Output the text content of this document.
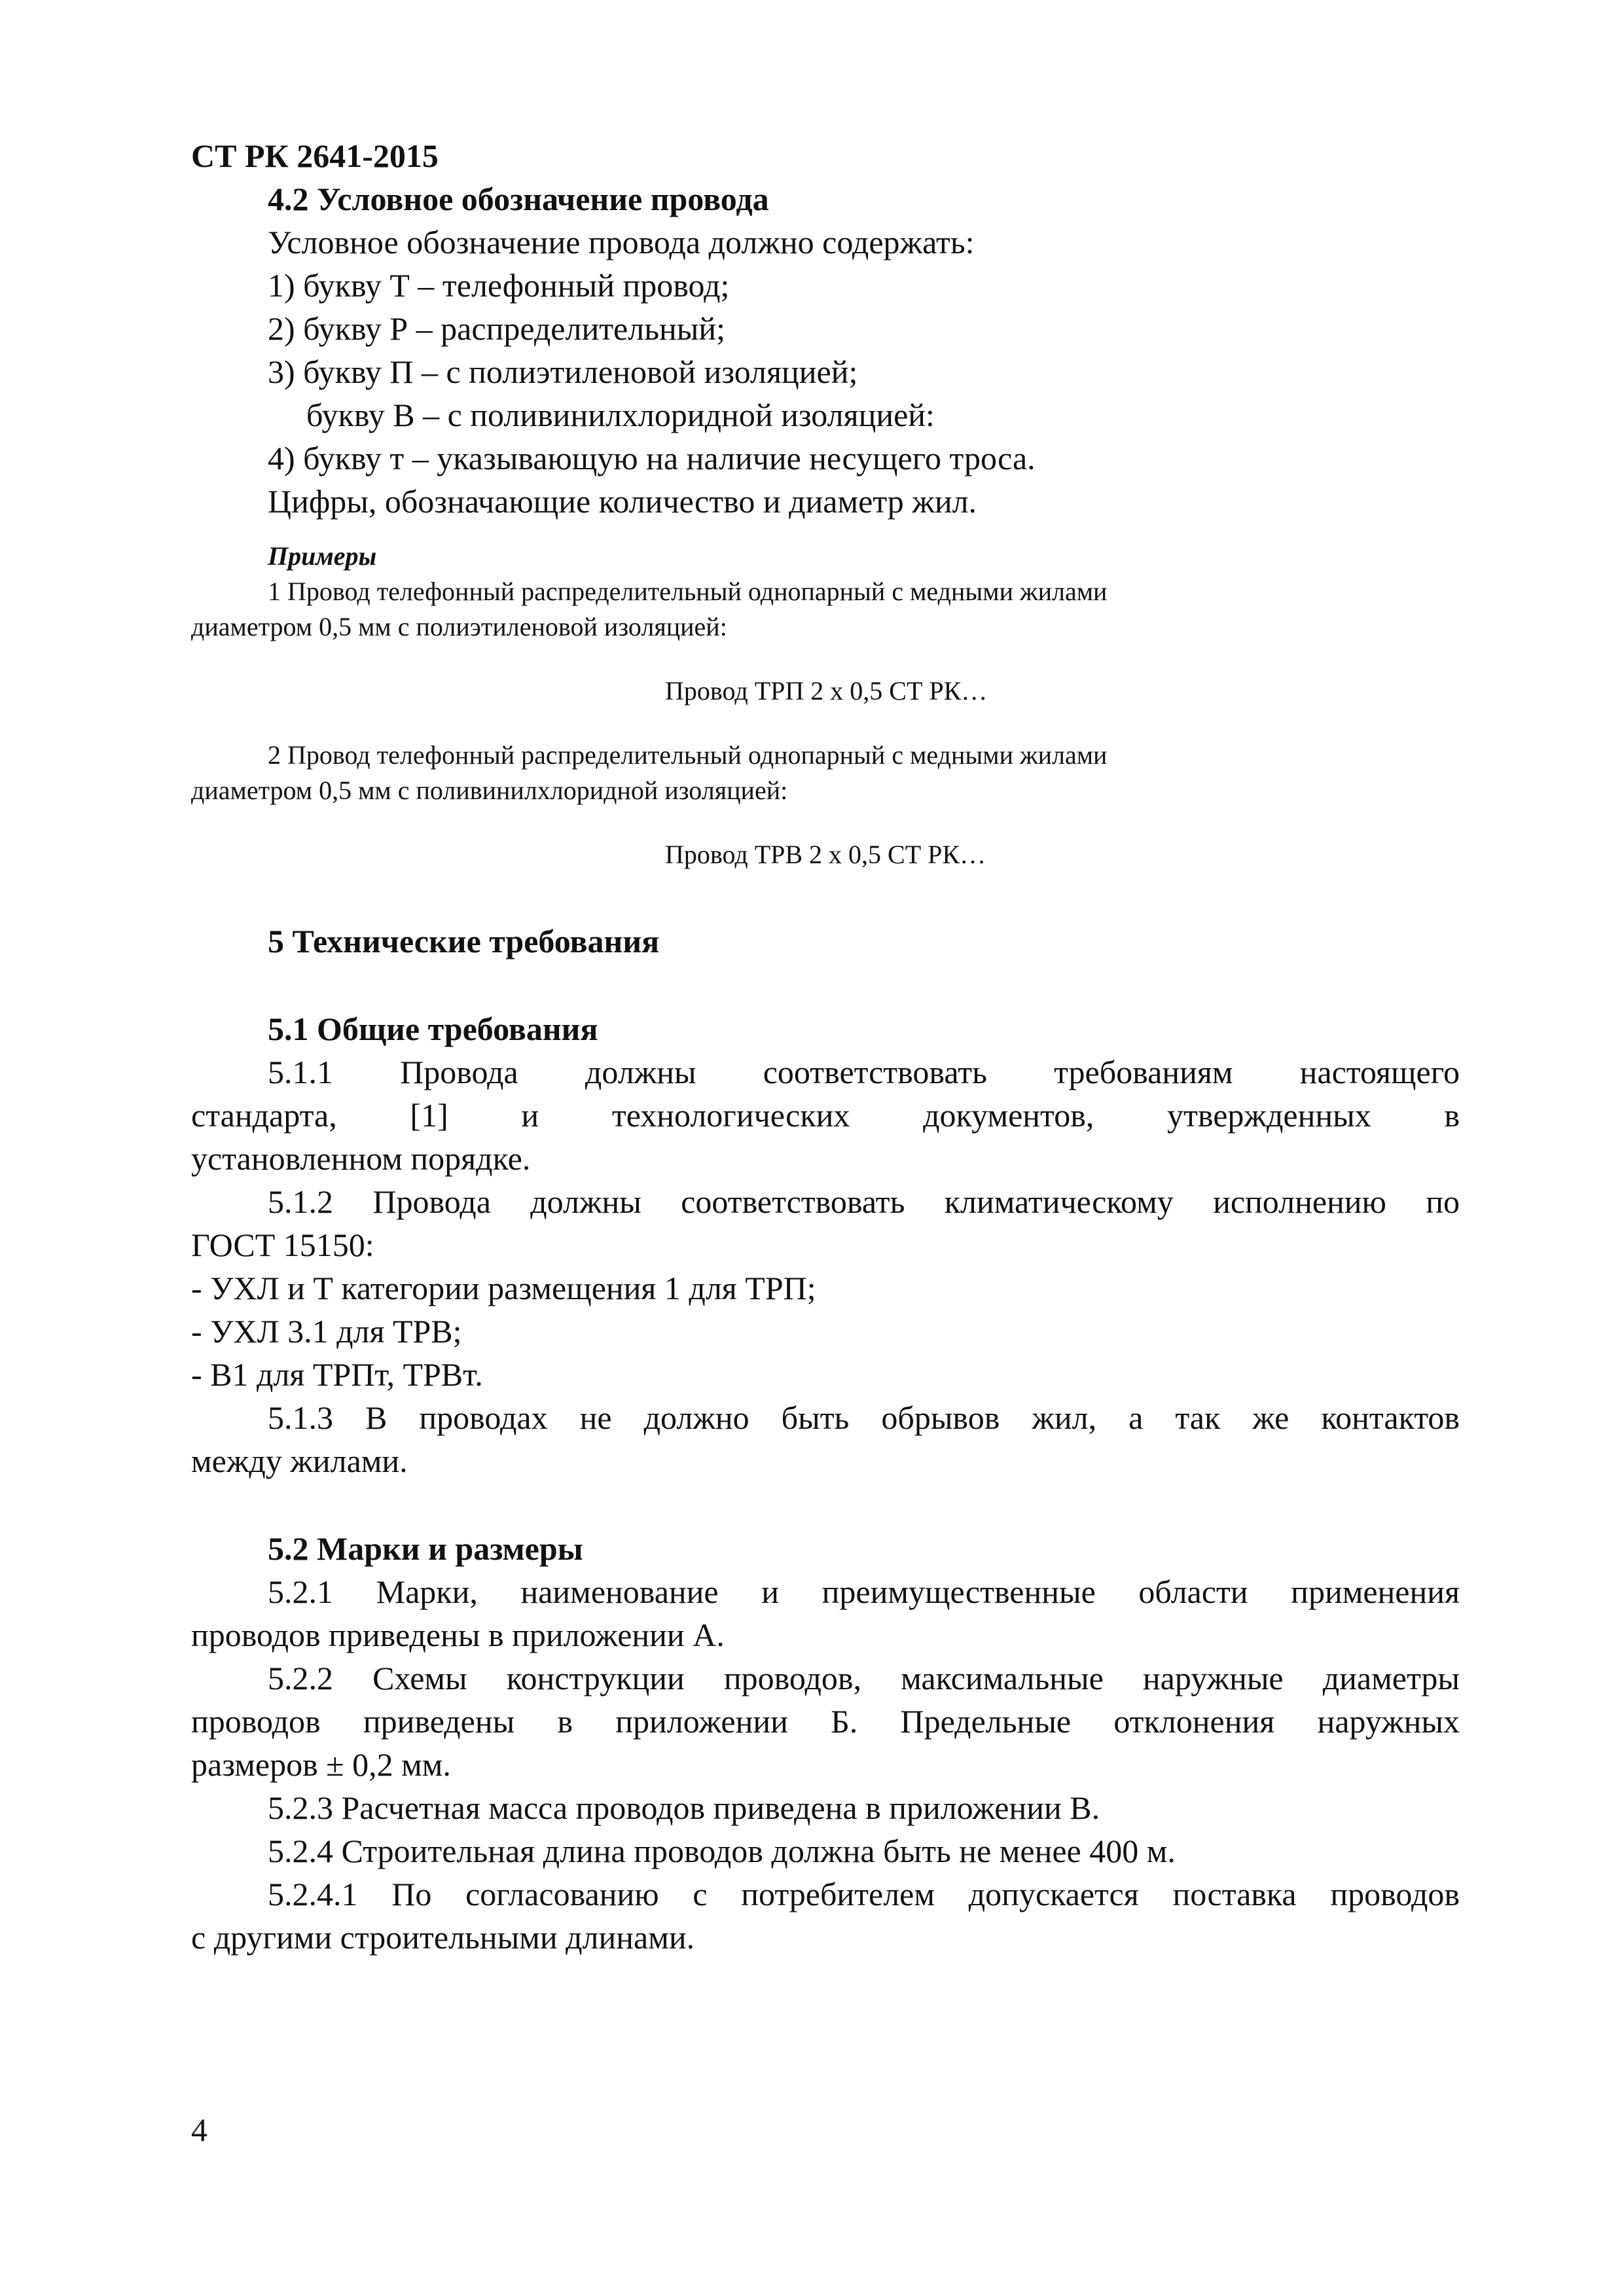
СТ РК 2641-2015

4.2 Условное обозначение провода

Условное обозначение провода должно содержать:

1) букву Т – телефонный провод;

2) букву Р – распределительный;

3) букву П – с полиэтиленовой изоляцией;

букву В – с поливинилхлоридной изоляцией:

4) букву т – указывающую на наличие несущего троса.

Цифры, обозначающие количество и диаметр жил.

Примеры

1 Провод телефонный распределительный однопарный с медными жилами

диаметром 0,5 мм с полиэтиленовой изоляцией:

Провод ТРП 2 х 0,5 СТ РК…

2 Провод телефонный распределительный однопарный с медными жилами

диаметром 0,5 мм с поливинилхлоридной изоляцией:

Провод ТРВ 2 х 0,5 СТ РК…

5 Технические требования

5.1 Общие требования

5.1.1 Провода должны соответствовать требованиям настоящего

стандарта, [1] и технологических документов, утвержденных в

установленном порядке.

5.1.2 Провода должны соответствовать климатическому исполнению по

ГОСТ 15150:

- УХЛ и Т категории размещения 1 для ТРП;

- УХЛ 3.1 для ТРВ;

- В1 для ТРПт, ТРВт.

5.1.3 В проводах не должно быть обрывов жил, а так же контактов

между жилами.

5.2 Марки и размеры

5.2.1 Марки, наименование и преимущественные области применения

проводов приведены в приложении А.

5.2.2 Схемы конструкции проводов, максимальные наружные диаметры

проводов приведены в приложении Б. Предельные отклонения наружных

размеров ± 0,2 мм.

5.2.3 Расчетная масса проводов приведена в приложении В.

5.2.4 Строительная длина проводов должна быть не менее 400 м.

5.2.4.1 По согласованию с потребителем допускается поставка проводов

с другими строительными длинами.

4
